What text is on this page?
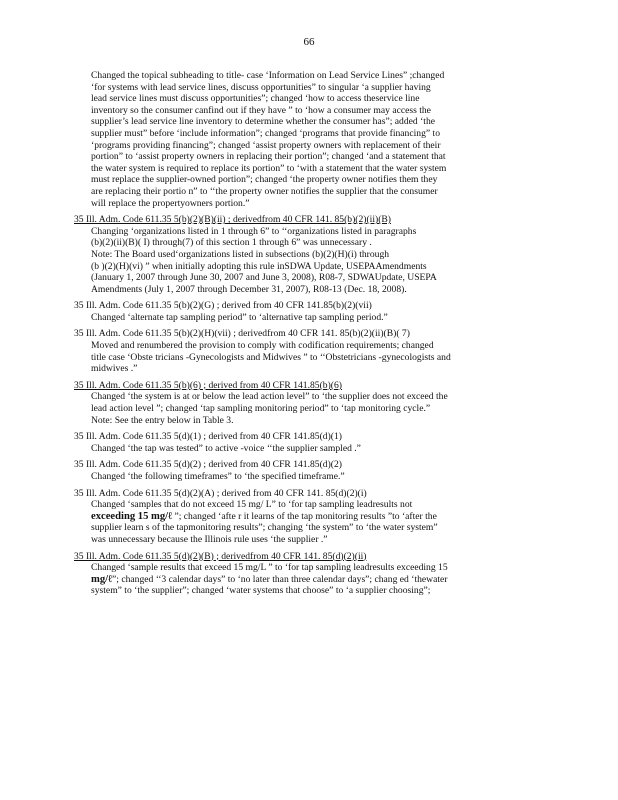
66
Changed the topical subheading to title- case ‘Information on Lead Service Lines” ;changed
‘for systems with lead service lines, discuss opportunities” to singular ‘a supplier having
lead service lines must discuss opportunities”; changed ‘how to access theservice line
inventory so the consumer canfind out if they have ” to ‘how a consumer may access the
supplier’s lead service line inventory to determine whether the consumer has”; added ‘the
supplier must” before ‘include information”; changed ‘programs that provide financing” to
‘programs providing financing”; changed ‘assist property owners with replacement of their
portion” to ‘assist property owners in replacing their portion”; changed ‘and a statement that
the water system is required to replace its portion” to ‘with a statement that the water system
must replace the supplier-owned portion”; changed ‘the property owner notifies them they
are replacing their portio n” to ‘‘the property owner notifies the supplier that the consumer
will replace the propertyowners portion.”
35 Ill. Adm. Code 611.35 5(b)(2)(B)(ii) ; derivedfrom 40 CFR 141. 85(b)(2)(ii)(B)
Changing ‘organizations listed in 1 through 6” to ‘‘organizations listed in paragraphs
(b)(2)(ii)(B)( I) through(7) of this section 1 through 6” was unnecessary .
Note: The Board used‘organizations listed in subsections (b)(2)(H)(i) through
(b )(2)(H)(vi) ” when initially adopting this rule inSDWA Update, USEPAAmendments
(January 1, 2007 through June 30, 2007 and June 3, 2008), R08-7, SDWAUpdate, USEPA
Amendments (July 1, 2007 through December 31, 2007), R08-13 (Dec. 18, 2008).
35 Ill. Adm. Code 611.35 5(b)(2)(G) ; derived from 40 CFR 141.85(b)(2)(vii)
Changed ‘alternate tap sampling period” to ‘alternative tap sampling period.”
35 Ill. Adm. Code 611.35 5(b)(2)(H)(vii) ; derivedfrom 40 CFR 141. 85(b)(2)(ii)(B)( 7)
Moved and renumbered the provision to comply with codification requirements; changed
title case ‘Obste tricians -Gynecologists and Midwives ” to ‘‘Obstetricians -gynecologists and
midwives .”
35 Ill. Adm. Code 611.35 5(b)(6) ; derived from 40 CFR 141.85(b)(6)
Changed ‘the system is at or below the lead action level” to ‘the supplier does not exceed the
lead action level ”; changed ‘tap sampling monitoring period” to ‘tap monitoring cycle.”
Note: See the entry below in Table 3.
35 Ill. Adm. Code 611.35 5(d)(1) ; derived from 40 CFR 141.85(d)(1)
Changed ‘the tap was tested” to active -voice ‘‘the supplier sampled .”
35 Ill. Adm. Code 611.35 5(d)(2) ; derived from 40 CFR 141.85(d)(2)
Changed ‘the following timeframes” to ‘the specified timeframe.”
35 Ill. Adm. Code 611.35 5(d)(2)(A) ; derived from 40 CFR 141. 85(d)(2)(i)
Changed ‘samples that do not exceed 15 mg/ L” to ‘for tap sampling leadresults not
exceeding 15 mg/ℓ ”; changed ‘afte r it learns of the tap monitoring results ”to ‘after the
supplier learn s of the tapmonitoring results”; changing ‘the system” to ‘the water system”
was unnecessary because the Illinois rule uses ‘the supplier .”
35 Ill. Adm. Code 611.35 5(d)(2)(B) ; derivedfrom 40 CFR 141. 85(d)(2)(ii)
Changed ‘sample results that exceed 15 mg/L ” to ‘for tap sampling leadresults exceeding 15
mg/ℓ”; changed ‘‘3 calendar days” to ‘no later than three calendar days”; chang ed ‘thewater
system” to ‘the supplier”; changed ‘water systems that choose” to ‘a supplier choosing”;
